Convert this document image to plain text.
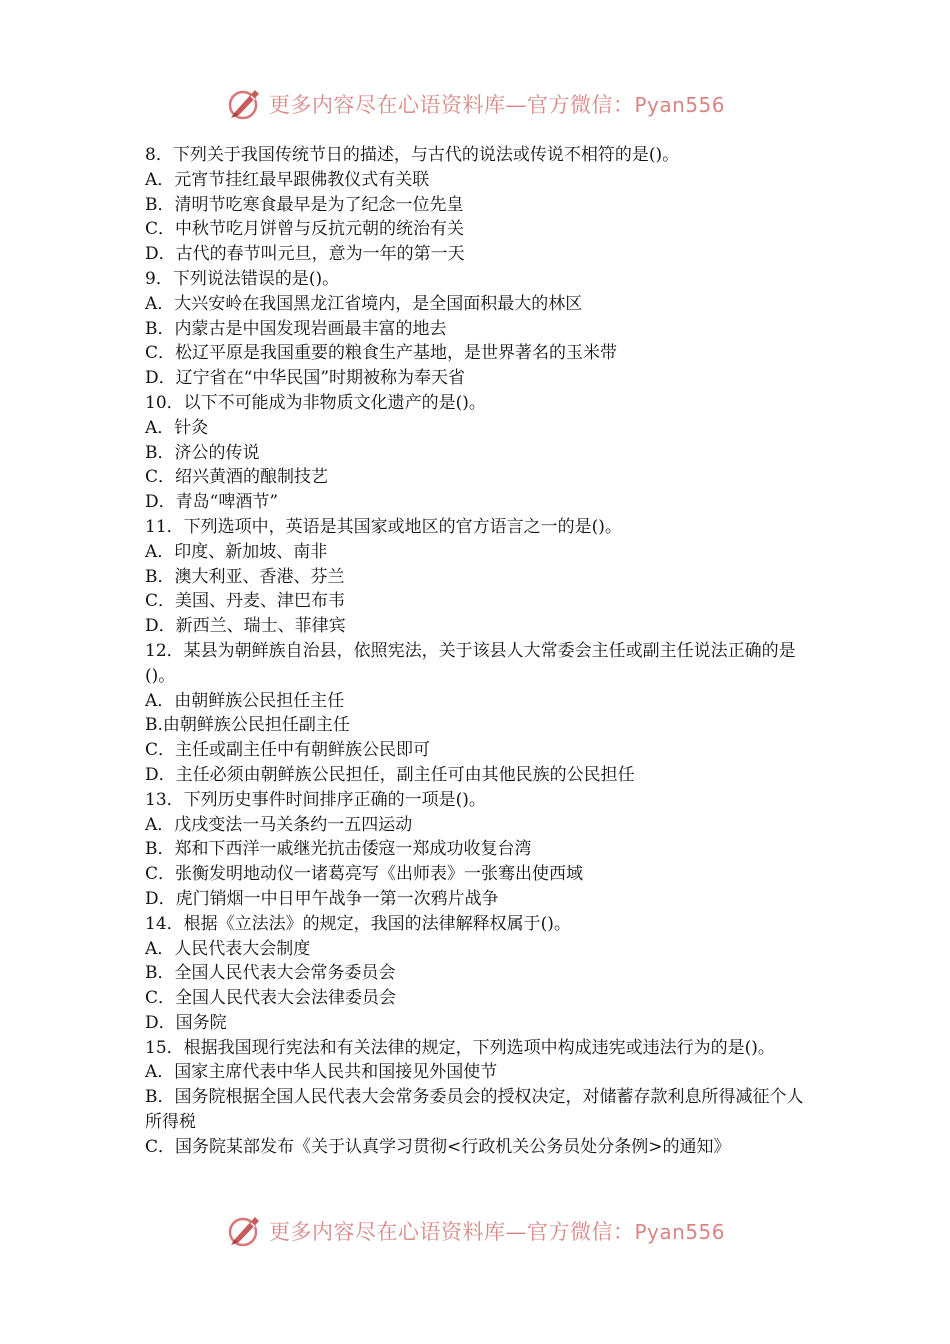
更多内容尽在心语资料库—官方微信：Pyan556

8．下列关于我国传统节日的描述，与古代的说法或传说不相符的是()。

A．元宵节挂红最早跟佛教仪式有关联

B．清明节吃寒食最早是为了纪念一位先皇

C．中秋节吃月饼曾与反抗元朝的统治有关

D．古代的春节叫元旦，意为一年的第一天

9．下列说法错误的是()。

A．大兴安岭在我国黑龙江省境内，是全国面积最大的林区

B．内蒙古是中国发现岩画最丰富的地去

C．松辽平原是我国重要的粮食生产基地，是世界著名的玉米带

D．辽宁省在“中华民国”时期被称为奉天省

10．以下不可能成为非物质文化遗产的是()。

A．针灸

B．济公的传说

C．绍兴黄酒的酿制技艺

D．青岛“啤酒节”

11．下列选项中，英语是其国家或地区的官方语言之一的是()。

A．印度、新加坡、南非

B．澳大利亚、香港、芬兰

C．美国、丹麦、津巴布韦

D．新西兰、瑞士、菲律宾

12．某县为朝鲜族自治县，依照宪法，关于该县人大常委会主任或副主任说法正确的是()。

A．由朝鲜族公民担任主任

B.由朝鲜族公民担任副主任

C．主任或副主任中有朝鲜族公民即可

D．主任必须由朝鲜族公民担任，副主任可由其他民族的公民担任

13．下列历史事件时间排序正确的一项是()。

A．戊戌变法一马关条约一五四运动

B．郑和下西洋一戚继光抗击倭寇一郑成功收复台湾

C．张衡发明地动仪一诸葛亮写《出师表》一张骞出使西域

D．虎门销烟一中日甲午战争一第一次鸦片战争

14．根据《立法法》的规定，我国的法律解释权属于()。

A．人民代表大会制度

B．全国人民代表大会常务委员会

C．全国人民代表大会法律委员会

D．国务院

15．根据我国现行宪法和有关法律的规定，下列选项中构成违宪或违法行为的是()。

A．国家主席代表中华人民共和国接见外国使节

B．国务院根据全国人民代表大会常务委员会的授权决定，对储蓄存款利息所得减征个人所得税

C．国务院某部发布《关于认真学习贯彻<行政机关公务员处分条例>的通知》

更多内容尽在心语资料库—官方微信：Pyan556
